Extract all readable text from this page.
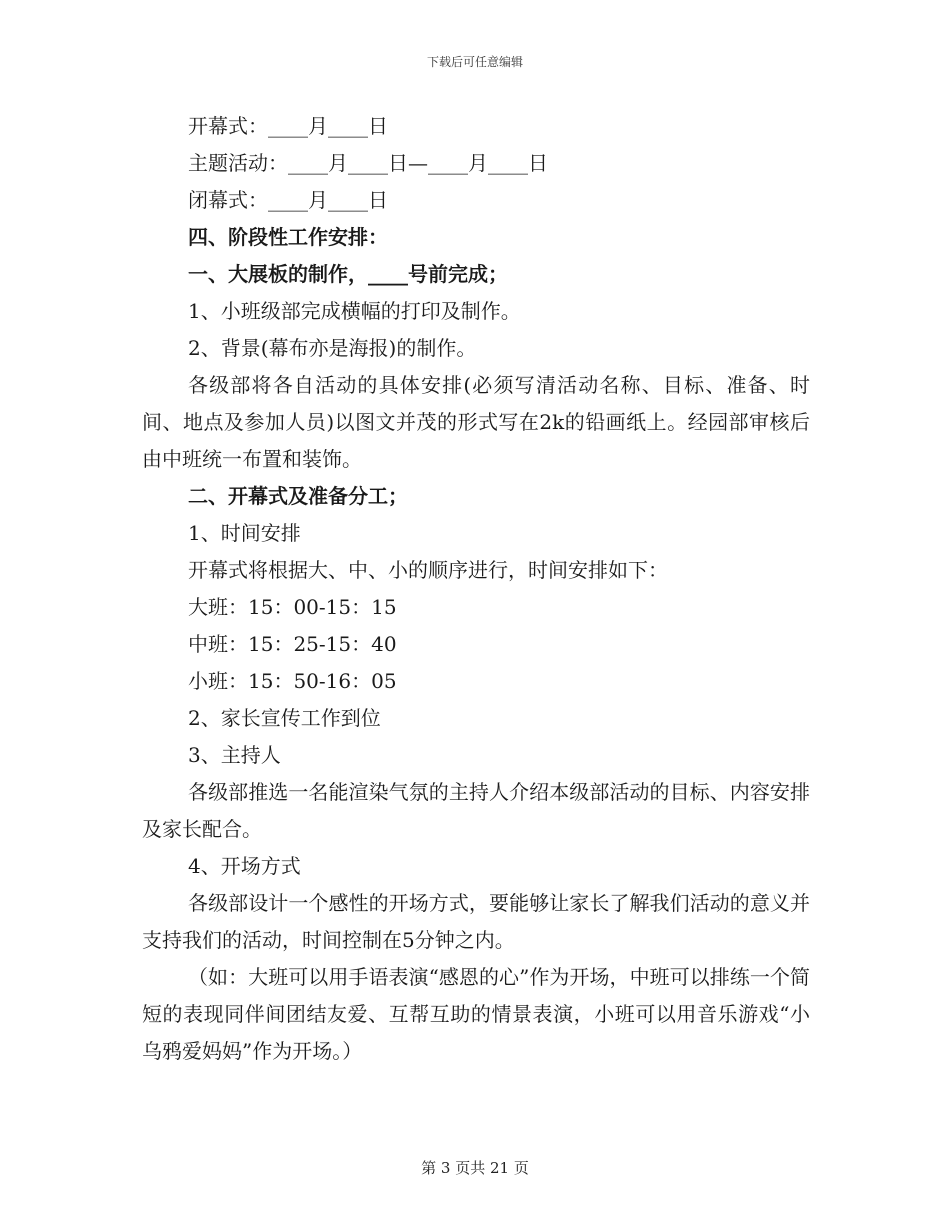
下载后可任意编辑
开幕式：____月____日
主题活动：____月____日—____月____日
闭幕式：____月____日
四、阶段性工作安排：
一、大展板的制作，____号前完成；
1、小班级部完成横幅的打印及制作。
2、背景(幕布亦是海报)的制作。
各级部将各自活动的具体安排(必须写清活动名称、目标、准备、时间、地点及参加人员)以图文并茂的形式写在2k的铅画纸上。经园部审核后由中班统一布置和装饰。
二、开幕式及准备分工；
1、时间安排
开幕式将根据大、中、小的顺序进行，时间安排如下：
大班：15：00-15：15
中班：15：25-15：40
小班：15：50-16：05
2、家长宣传工作到位
3、主持人
各级部推选一名能渲染气氛的主持人介绍本级部活动的目标、内容安排及家长配合。
4、开场方式
各级部设计一个感性的开场方式，要能够让家长了解我们活动的意义并支持我们的活动，时间控制在5分钟之内。
（如：大班可以用手语表演“感恩的心”作为开场，中班可以排练一个简短的表现同伴间团结友爱、互帮互助的情景表演，小班可以用音乐游戏“小乌鸦爱妈妈”作为开场。）
第 3 页共 21 页
